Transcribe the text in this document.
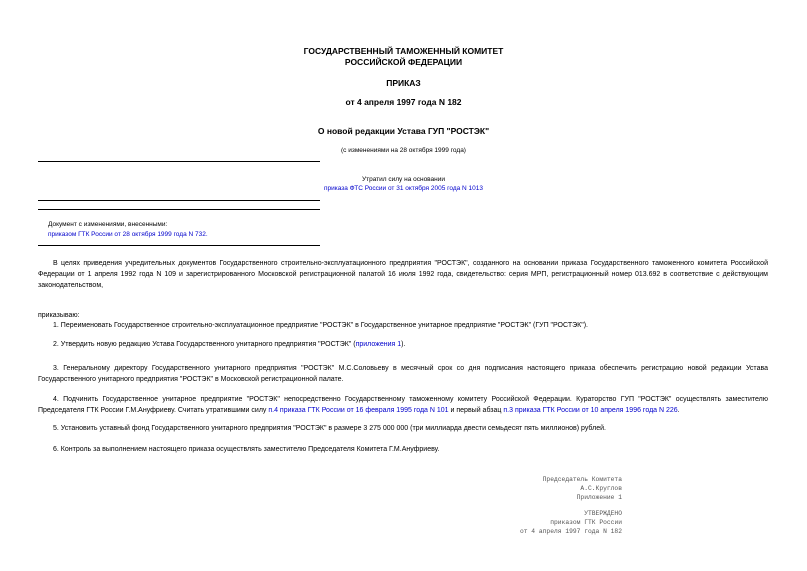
ГОСУДАРСТВЕННЫЙ ТАМОЖЕННЫЙ КОМИТЕТ
РОССИЙСКОЙ ФЕДЕРАЦИИ
ПРИКАЗ
от 4 апреля 1997 года N 182
О новой редакции Устава ГУП "РОСТЭК"
(с изменениями на 28 октября 1999 года)
Утратил силу на основании
приказа ФТС России от 31 октября 2005 года N 1013
Документ с изменениями, внесенными:
приказом ГТК России от 28 октября 1999 года N 732.
В целях приведения учредительных документов Государственного строительно-эксплуатационного предприятия "РОСТЭК", созданного на основании приказа Государственного таможенного комитета Российской Федерации от 1 апреля 1992 года N 109 и зарегистрированного Московской регистрационной палатой 16 июля 1992 года, свидетельство: серия МРП, регистрационный номер 013.692 в соответствие с действующим законодательством,
приказываю:
1. Переименовать Государственное строительно-эксплуатационное предприятие "РОСТЭК" в Государственное унитарное предприятие "РОСТЭК" (ГУП "РОСТЭК").
2. Утвердить новую редакцию Устава Государственного унитарного предприятия "РОСТЭК" (приложения 1).
3. Генеральному директору Государственного унитарного предприятия "РОСТЭК" М.С.Соловьеву в месячный срок со дня подписания настоящего приказа обеспечить регистрацию новой редакции Устава Государственного унитарного предприятия "РОСТЭК" в Московской регистрационной палате.
4. Подчинить Государственное унитарное предприятие "РОСТЭК" непосредственно Государственному таможенному комитету Российской Федерации. Кураторство ГУП "РОСТЭК" осуществлять заместителю Председателя ГТК России Г.М.Ануфриеву. Считать утратившими силу п.4 приказа ГТК России от 16 февраля 1995 года N 101 и первый абзац п.3 приказа ГТК России от 10 апреля 1996 года N 226.
5. Установить уставный фонд Государственного унитарного предприятия "РОСТЭК" в размере 3 275 000 000 (три миллиарда двести семьдесят пять миллионов) рублей.
6. Контроль за выполнением настоящего приказа осуществлять заместителю Председателя Комитета Г.М.Ануфриеву.
Председатель Комитета
А.С.Круглов
Приложение 1
УТВЕРЖДЕНО
приказом ГТК России
от 4 апреля 1997 года N 182
